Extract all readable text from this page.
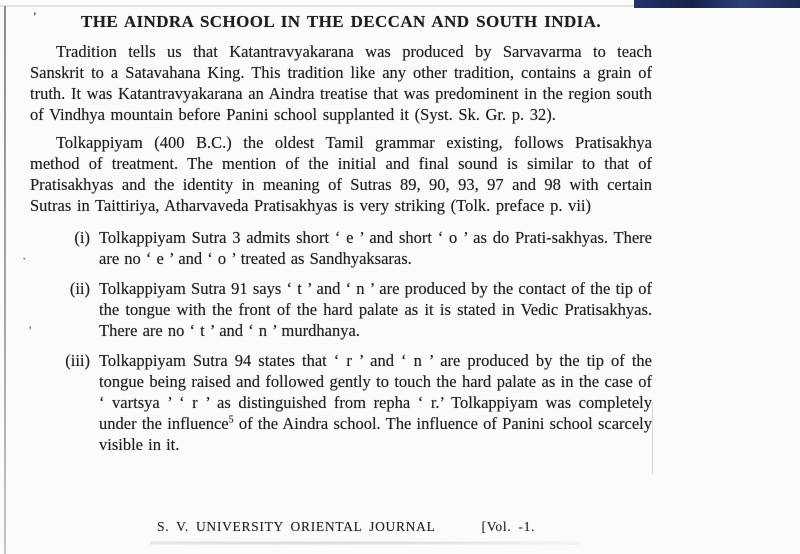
'
·
'
THE AINDRA SCHOOL IN THE DECCAN AND SOUTH INDIA.

Tradition tells us that Katantravyakarana was produced by Sarvavarma to teach Sanskrit to a Satavahana King. This tradition like any other tradition, contains a grain of truth. It was Katantravyakarana an Aindra treatise that was predominent in the region south of Vindhya mountain before Panini school supplanted it (Syst. Sk. Gr. p. 32).

Tolkappiyam (400 B.C.) the oldest Tamil grammar existing, follows Pratisakhya method of treatment. The mention of the initial and final sound is similar to that of Pratisakhyas and the identity in meaning of Sutras 89, 90, 93, 97 and 98 with certain Sutras in Taittiriya, Atharvaveda Pratisakhyas is very striking (Tolk. preface p. vii)

(i) Tolkappiyam Sutra 3 admits short ‘ e ’ and short ‘ o ’ as do Prati-sakhyas. There are no ‘ e ’ and ‘ o ’ treated as Sandhyaksaras.
(ii) Tolkappiyam Sutra 91 says ‘ t ’ and ‘ n ’ are produced by the contact of the tip of the tongue with the front of the hard palate as it is stated in Vedic Pratisakhyas. There are no ‘ t ’ and ‘ n ’ murdhanya.
(iii) Tolkappiyam Sutra 94 states that ‘ r ’ and ‘ n ’ are produced by the tip of the tongue being raised and followed gently to touch the hard palate as in the case of ‘ vartsya ’ ‘ r ’ as distinguished from repha ‘ r.’ Tolkappiyam was completely under the influence$^5$ of the Aindra school. The influence of Panini school scarcely visible in it.
S. V. UNIVERSITY ORIENTAL JOURNAL	[Vol. -1.
